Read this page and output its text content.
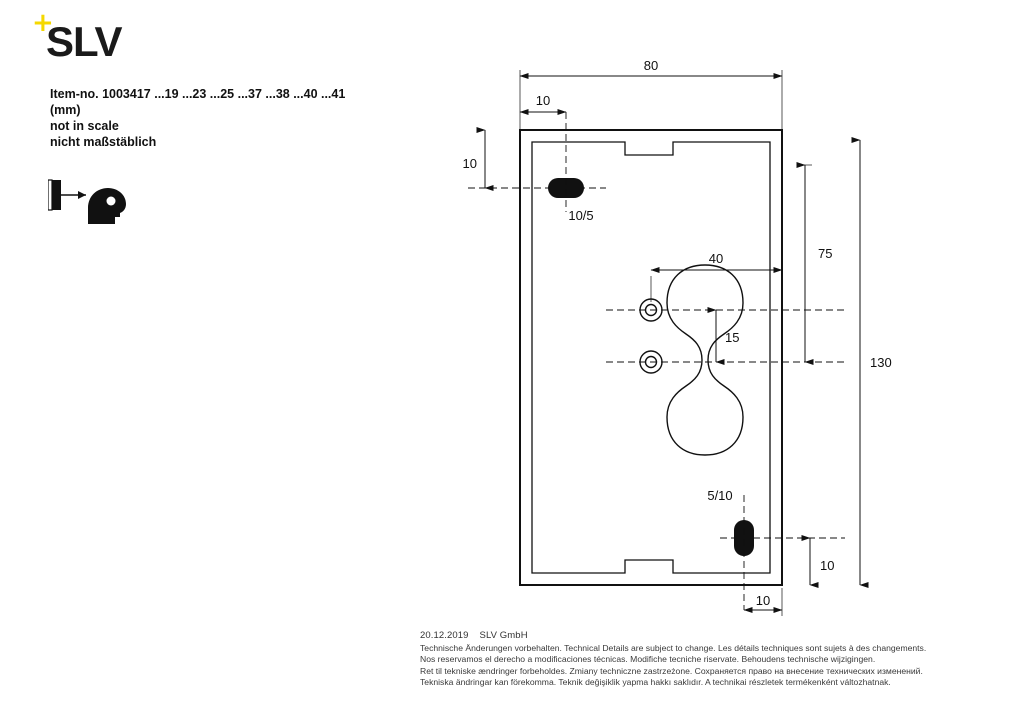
+
SLV
Item-no. 1003417 ...19 ...23 ...25 ...37 ...38 ...40 ...41
(mm)
not in scale
nicht maßstäblich
80
10
10
10/5
75
130
40
15
5/10
10
10
20.12.2019 SLV GmbH
Technische Änderungen vorbehalten. Technical Details are subject to change. Les détails techniques sont sujets à des changements.
Nos reservamos el derecho a modificaciones técnicas. Modifiche tecniche riservate. Behoudens technische wijzigingen.
Ret til tekniske ændringer forbeholdes. Zmiany techniczne zastrzeżone. Сохраняется право на внесение технических изменений.
Tekniska ändringar kan förekomma. Teknik değişiklik yapma hakkı saklıdır. A technikai részletek termékenként változhatnak.
